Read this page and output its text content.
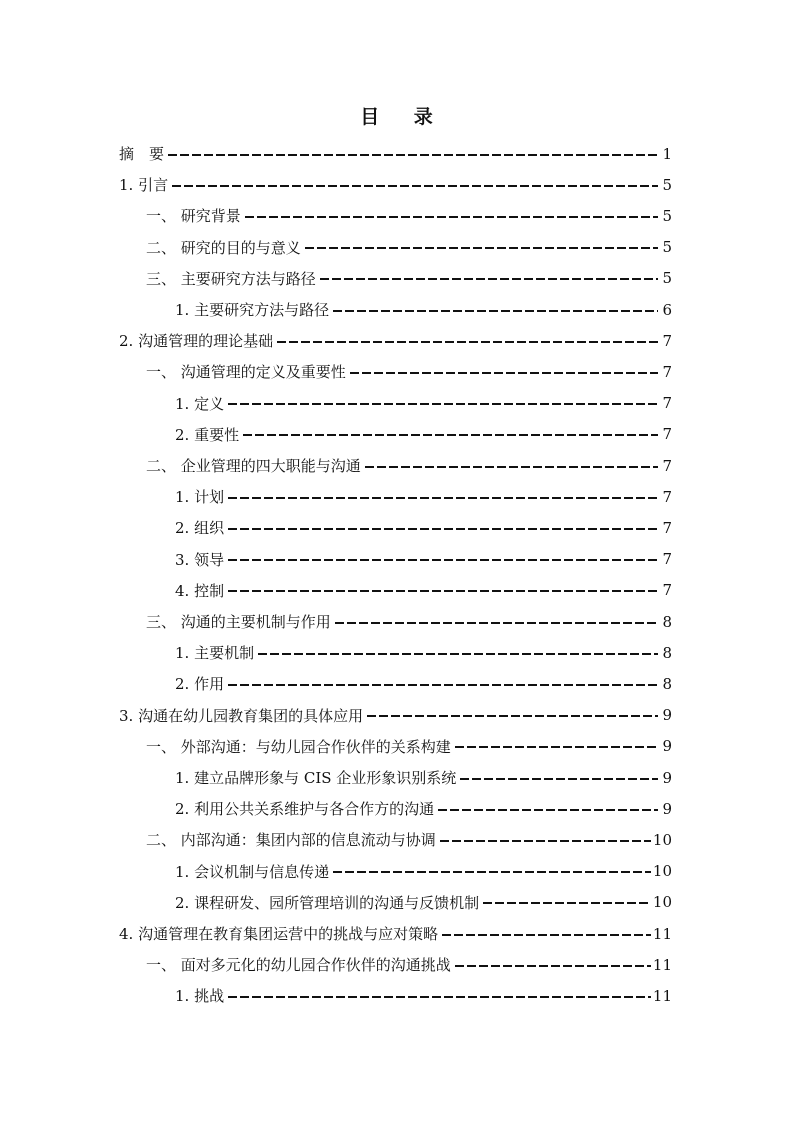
目 录
摘　要	1
1. 引言	5
一、 研究背景	5
二、 研究的目的与意义	5
三、 主要研究方法与路径	5
1. 主要研究方法与路径	6
2. 沟通管理的理论基础	7
一、 沟通管理的定义及重要性	7
1. 定义	7
2. 重要性	7
二、 企业管理的四大职能与沟通	7
1. 计划	7
2. 组织	7
3. 领导	7
4. 控制	7
三、 沟通的主要机制与作用	8
1. 主要机制	8
2. 作用	8
3. 沟通在幼儿园教育集团的具体应用	9
一、 外部沟通：与幼儿园合作伙伴的关系构建	9
1. 建立品牌形象与 CIS 企业形象识别系统	9
2. 利用公共关系维护与各合作方的沟通	9
二、 内部沟通：集团内部的信息流动与协调	10
1. 会议机制与信息传递	10
2. 课程研发、园所管理培训的沟通与反馈机制	10
4. 沟通管理在教育集团运营中的挑战与应对策略	11
一、 面对多元化的幼儿园合作伙伴的沟通挑战	11
1. 挑战	11
